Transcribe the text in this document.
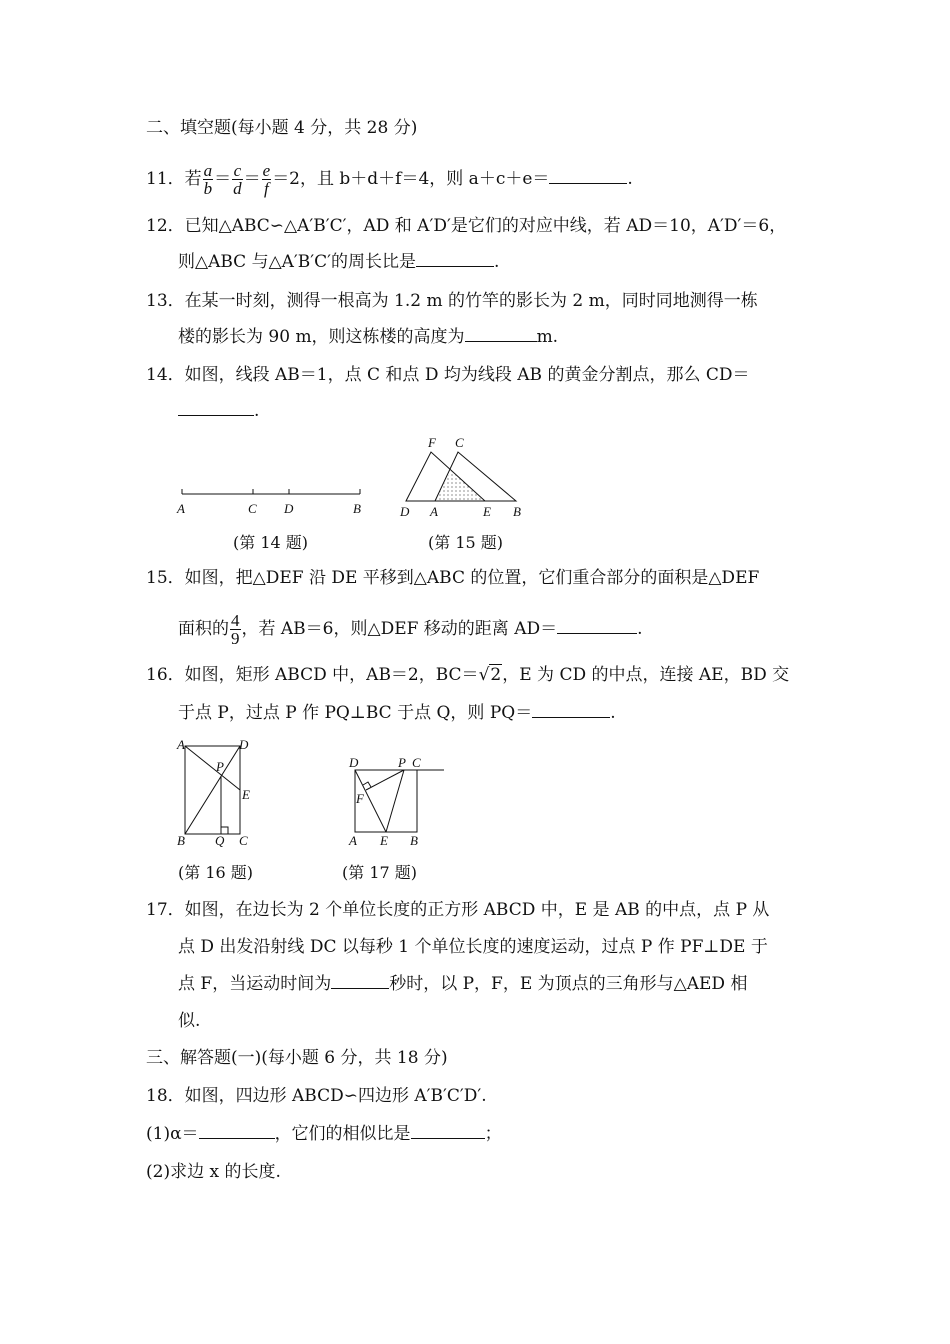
二、填空题(每小题 4 分，共 28 分)
11．若 $\frac{a}{b} = \frac{c}{d} = \frac{e}{f} =2$，且 b＋d＋f＝4，则 a＋c＋e＝	.
12．已知△ABC∽△A′B′C′，AD 和 A′D′是它们的对应中线，若 AD＝10，A′D′＝6，
则△ABC 与△A′B′C′的周长比是	.
13．在某一时刻，测得一根高为 1.2 m 的竹竿的影长为 2 m，同时同地测得一栋
楼的影长为 90 m，则这栋楼的高度为	m.
14．如图，线段 AB＝1，点 C 和点 D 均为线段 AB 的黄金分割点，那么 CD＝
.
A	C D	B
(第 14 题)
F C
D A	E B
(第 15 题)
15．如图，把△DEF 沿 DE 平移到△ABC 的位置，它们重合部分的面积是△DEF
面积的 $\frac{4}{9}$ ，若 AB＝6，则△DEF 移动的距离 AD＝	.
16．如图，矩形 ABCD 中，AB＝2，BC＝√2，E 为 CD 的中点，连接 AE，BD 交
于点 P，过点 P 作 PQ⊥BC 于点 Q，则 PQ＝	.
A	D
P
E
B Q C
(第 16 题)
D	P C
F
A E B
(第 17 题)
17．如图，在边长为 2 个单位长度的正方形 ABCD 中，E 是 AB 的中点，点 P 从
点 D 出发沿射线 DC 以每秒 1 个单位长度的速度运动，过点 P 作 PF⊥DE 于
点 F，当运动时间为	秒时，以 P，F，E 为顶点的三角形与△AED 相
似.
三、解答题(一)(每小题 6 分，共 18 分)
18．如图，四边形 ABCD∽四边形 A′B′C′D′.
(1)α＝	，它们的相似比是	；
(2)求边 x 的长度.
